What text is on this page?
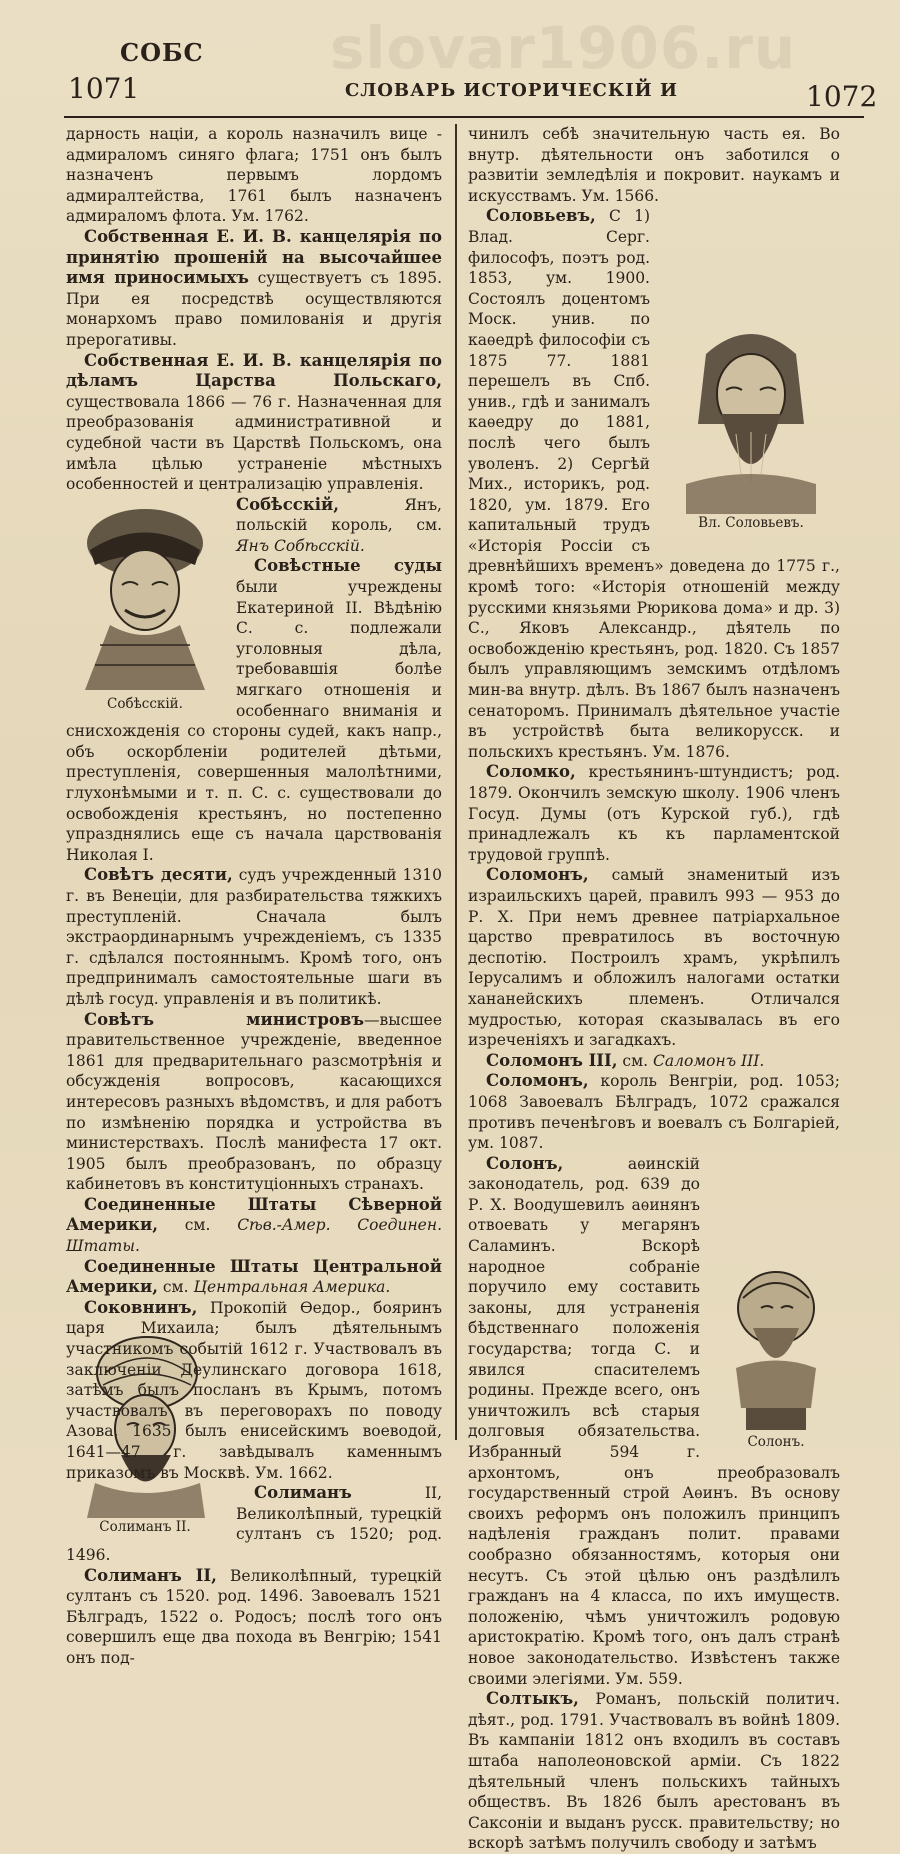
slovar1906.ru
СОБС
1071	СЛОВАРЬ ИСТОРИЧЕСКIЙ И	1072

дарность націи, а король назначилъ вице - адмираломъ синяго флага; 1751 онъ былъ назначенъ первымъ лордомъ адмиралтейства, 1761 былъ назначенъ адмираломъ флота. Ум. 1762.

Собственная Е. И. В. канцелярія по принятію прошеній на высочайшее имя приносимыхъ существуетъ съ 1895. При ея посредствѣ осуществляются монархомъ право помилованія и другія прерогативы.

Собственная Е. И. В. канцелярія по дѣламъ Царства Польскаго, существовала 1866 — 76 г. Назначенная для преобразованія административной и судебной части въ Царствѣ Польскомъ, она имѣла цѣлью устраненіе мѣстныхъ особенностей и централизацію управленія.

Собѣсскій.

Собѣсскій, Янъ, польскій король, см. Янъ Собѣсскій.

Совѣстные суды были учреждены Екатериной II. Вѣдѣнію С. с. подлежали уголовныя дѣла, требовавшія болѣе мягкаго отношенія и особеннаго вниманія и снисхожденія со стороны судей, какъ напр., объ оскорбленіи родителей дѣтьми, преступленія, совершенныя малолѣтними, глухонѣмыми и т. п. С. с. существовали до освобожденія крестьянъ, но постепенно упразднялись еще съ начала царствованія Николая I.

Совѣтъ десяти, судъ учрежденный 1310 г. въ Венеціи, для разбирательства тяжкихъ преступленій. Сначала былъ экстраординарнымъ учрежденіемъ, съ 1335 г. сдѣлался постояннымъ. Кромѣ того, онъ предпринималъ самостоятельные шаги въ дѣлѣ госуд. управленія и въ политикѣ.

Совѣтъ министровъ—высшее правительственное учрежденіе, введенное 1861 для предварительнаго разсмотрѣнія и обсужденія вопросовъ, касающихся интересовъ разныхъ вѣдомствъ, и для работъ по измѣненію порядка и устройства въ министерствахъ. Послѣ манифеста 17 окт. 1905 былъ преобразованъ, по образцу кабинетовъ въ конституціонныхъ странахъ.

Соединенные Штаты Сѣверной Америки, см. Сѣв.-Амер. Соединен. Штаты.

Соединенные Штаты Центральной Америки, см. Центральная Америка.

Соковнинъ, Прокопій Ѳедор., бояринъ царя Михаила; былъ дѣятельнымъ участникомъ событій 1612 г. Участвовалъ въ заключеніи Деулинскаго договора 1618, затѣмъ былъ посланъ въ Крымъ, потомъ участвовалъ въ переговорахъ по поводу Азова. 1635 былъ енисейскимъ воеводой, 1641—47 г. завѣдывалъ каменнымъ приказомъ въ Москвѣ. Ум. 1662.

Солиманъ II.

Солиманъ II, Великолѣпный, турецкій султанъ съ 1520; род. 1496.

Солиманъ II, Великолѣпный, турецкій султанъ съ 1520. род. 1496. Завоевалъ 1521 Бѣлградъ, 1522 о. Родосъ; послѣ того онъ совершилъ еще два похода въ Венгрію; 1541 онъ под-

чинилъ себѣ значительную часть ея. Во внутр. дѣятельности онъ заботился о развитіи земледѣлія и покровит. наукамъ и искусствамъ. Ум. 1566.

Вл. Соловьевъ.

Соловьевъ, С 1) Влад. Серг. философъ, поэтъ род. 1853, ум. 1900. Состоялъ доцентомъ Моск. унив. по каѳедрѣ философіи съ 1875 77. 1881 перешелъ въ Спб. унив., гдѣ и занималъ каѳедру до 1881, послѣ чего былъ уволенъ. 2) Сергѣй Мих., историкъ, род. 1820, ум. 1879. Его капитальный трудъ «Исторія Россіи съ древнѣйшихъ временъ» доведена до 1775 г., кромѣ того: «Исторія отношеній между русскими князьями Рюрикова дома» и др. 3) С., Яковъ Александр., дѣятель по освобожденію крестьянъ, род. 1820. Съ 1857 былъ управляющимъ земскимъ отдѣломъ мин-ва внутр. дѣлъ. Въ 1867 былъ назначенъ сенаторомъ. Принималъ дѣятельное участіе въ устройствѣ быта великорусск. и польскихъ крестьянъ. Ум. 1876.

Соломко, крестьянинъ-штундистъ; род. 1879. Окончилъ земскую школу. 1906 членъ Госуд. Думы (отъ Курской губ.), гдѣ принадлежалъ къ къ парламентской трудовой группѣ.

Соломонъ, самый знаменитый изъ израильскихъ царей, правилъ 993 — 953 до Р. Х. При немъ древнее патріархальное царство превратилось въ восточную деспотію. Построилъ храмъ, укрѣпилъ Іерусалимъ и обложилъ налогами остатки хананейскихъ племенъ. Отличался мудростью, которая сказывалась въ его изреченіяхъ и загадкахъ.

Соломонъ III, см. Саломонъ III.

Соломонъ, король Венгріи, род. 1053; 1068 Завоевалъ Бѣлградъ, 1072 сражался противъ печенѣговъ и воевалъ съ Болгаріей, ум. 1087.

Солонъ.

Солонъ, аѳинскій законодатель, род. 639 до Р. Х. Воодушевилъ аѳинянъ отвоевать у мегарянъ Саламинъ. Вскорѣ народное собраніе поручило ему составить законы, для устраненія бѣдственнаго положенія государства; тогда С. и явился спасителемъ родины. Прежде всего, онъ уничтожилъ всѣ старыя долговыя обязательства. Избранный 594 г. архонтомъ, онъ преобразовалъ государственный строй Аѳинъ. Въ основу своихъ реформъ онъ положилъ принципъ надѣленія гражданъ полит. правами сообразно обязанностямъ, которыя они несутъ. Съ этой цѣлью онъ раздѣлилъ гражданъ на 4 класса, по ихъ имуществ. положенію, чѣмъ уничтожилъ родовую аристократію. Кромѣ того, онъ далъ странѣ новое законодательство. Извѣстенъ также своими элегіями. Ум. 559.

Солтыкъ, Романъ, польскій политич. дѣят., род. 1791. Участвовалъ въ войнѣ 1809. Въ кампаніи 1812 онъ входилъ въ составъ штаба наполеоновской арміи. Съ 1822 дѣятельный членъ польскихъ тайныхъ обществъ. Въ 1826 былъ арестованъ въ Саксоніи и выданъ русск. правительству; но вскорѣ затѣмъ получилъ свободу и затѣмъ
